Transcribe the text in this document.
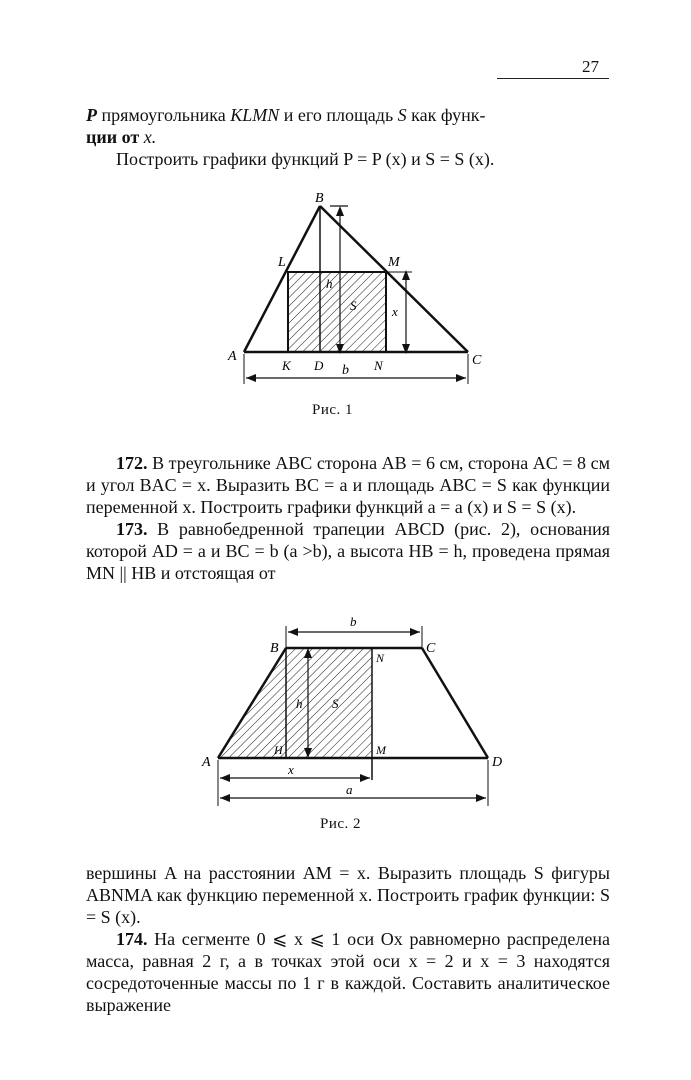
27

P прямоугольника KLMN и его площадь S как функ-
ции от x.

Построить графики функций P = P (x) и S = S (x).

B
L	M
A	C
K D	N
b
h
S	x
Рис. 1

172. В треугольнике ABC сторона AB = 6 см, сторона AC = 8 см и угол BAC = x. Выразить BC = a и площадь ABC = S как функции переменной x. Построить графики функций a = a (x) и S = S (x).

173. В равнобедренной трапеции ABCD (рис. 2), основания которой AD = a и BC = b (a >b), а высота HB = h, проведена прямая MN || HB и отстоящая от

B	C
A	D
H	M
N
h S
x
a
b
Рис. 2

вершины A на расстоянии AM = x. Выразить площадь S фигуры ABNMA как функцию переменной x. Построить график функции: S = S (x).

174. На сегменте 0 ⩽ x ⩽ 1 оси Ox равномерно распределена масса, равная 2 г, а в точках этой оси x = 2 и x = 3 находятся сосредоточенные массы по 1 г в каждой. Составить аналитическое выражение
